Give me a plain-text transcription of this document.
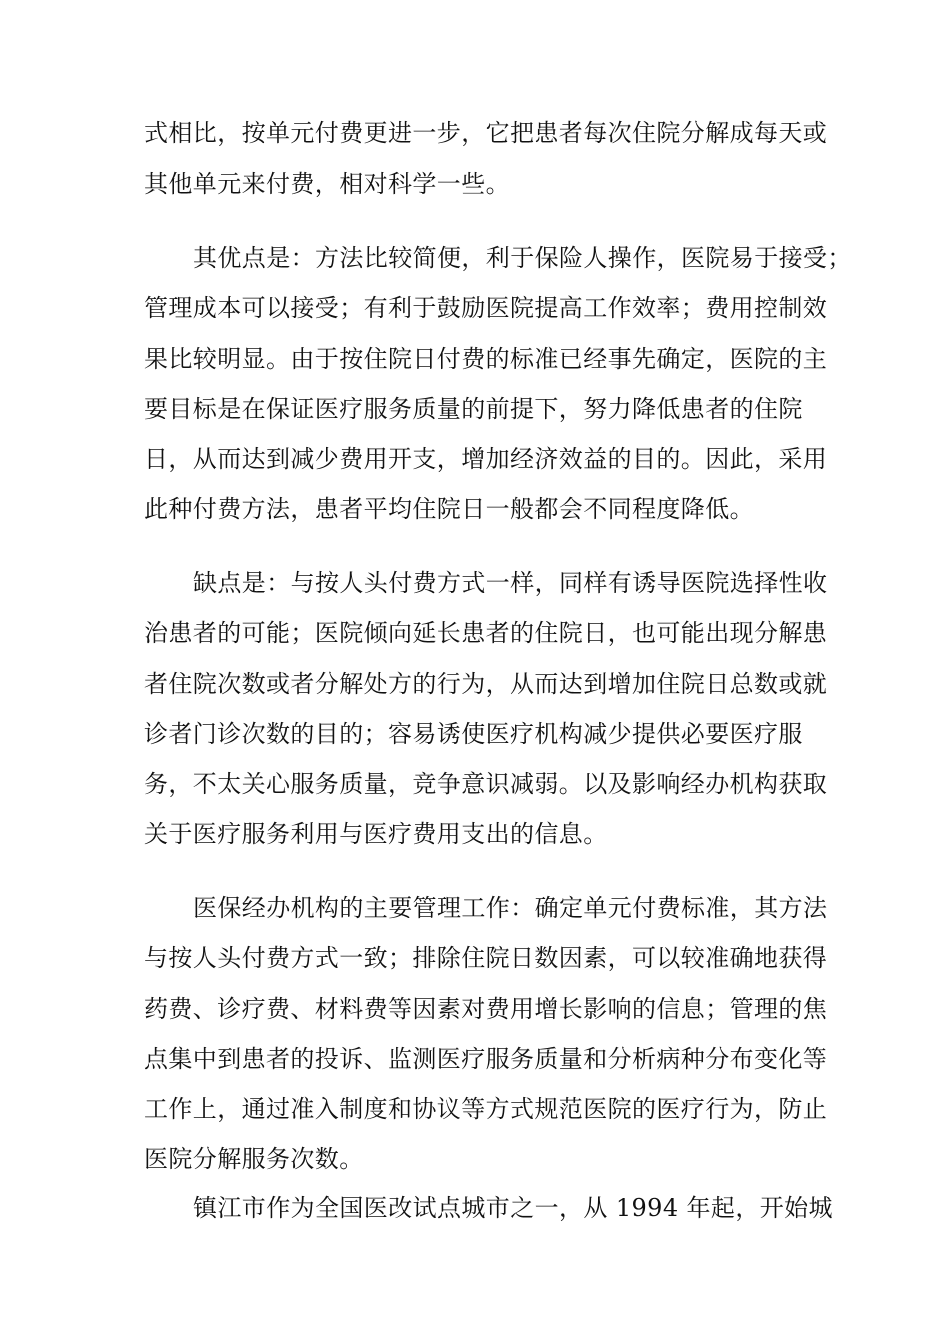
式相比，按单元付费更进一步，它把患者每次住院分解成每天或
其他单元来付费，相对科学一些。
其优点是：方法比较简便，利于保险人操作，医院易于接受；
管理成本可以接受；有利于鼓励医院提高工作效率；费用控制效
果比较明显。由于按住院日付费的标准已经事先确定，医院的主
要目标是在保证医疗服务质量的前提下，努力降低患者的住院
日，从而达到减少费用开支，增加经济效益的目的。因此，采用
此种付费方法，患者平均住院日一般都会不同程度降低。
缺点是：与按人头付费方式一样，同样有诱导医院选择性收
治患者的可能；医院倾向延长患者的住院日，也可能出现分解患
者住院次数或者分解处方的行为，从而达到增加住院日总数或就
诊者门诊次数的目的；容易诱使医疗机构减少提供必要医疗服
务，不太关心服务质量，竞争意识减弱。以及影响经办机构获取
关于医疗服务利用与医疗费用支出的信息。
医保经办机构的主要管理工作：确定单元付费标准，其方法
与按人头付费方式一致；排除住院日数因素，可以较准确地获得
药费、诊疗费、材料费等因素对费用增长影响的信息；管理的焦
点集中到患者的投诉、监测医疗服务质量和分析病种分布变化等
工作上，通过准入制度和协议等方式规范医院的医疗行为，防止
医院分解服务次数。
镇江市作为全国医改试点城市之一，从 1994 年起，开始城
